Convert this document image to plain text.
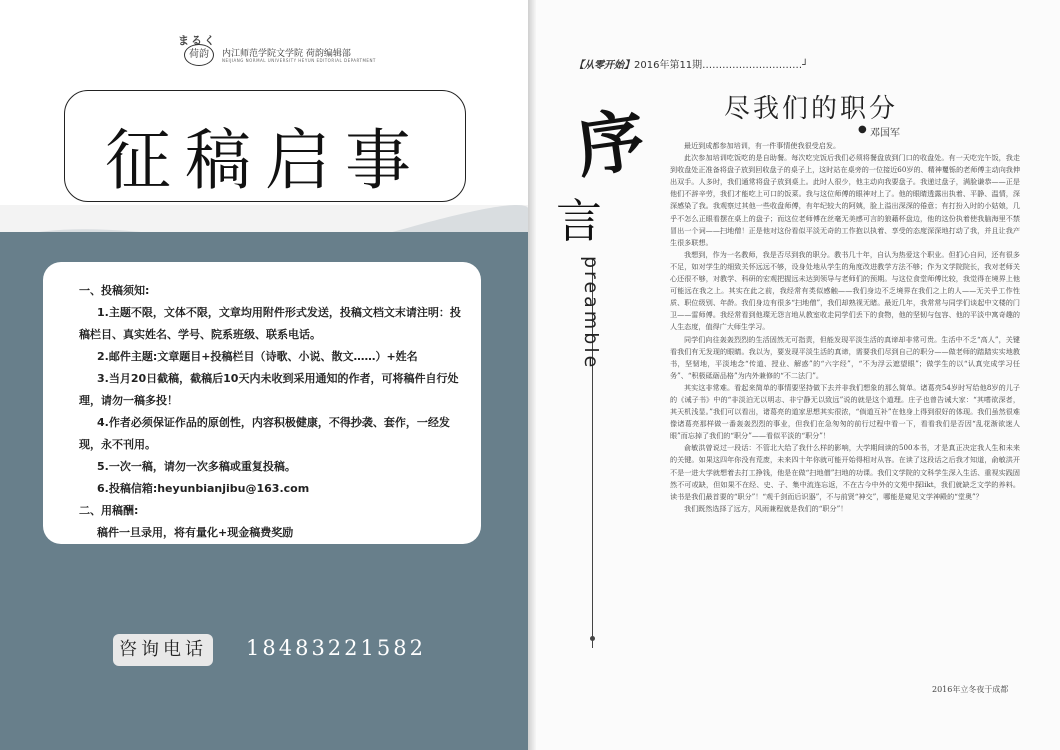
まるく
荷韵	内江师范学院文学院 荷韵编辑部
NEIJIANG NORMAL UNIVERSITY HEYUN EDITORIAL DEPARTMENT
征稿启事
一、投稿须知:
1.主题不限，文体不限，文章均用附件形式发送，投稿文档文末请注明：投稿栏目、真实姓名、学号、院系班级、联系电话。
2.邮件主题:文章题目+投稿栏目（诗歌、小说、散文……）+姓名
3.当月20日截稿，截稿后10天内未收到采用通知的作者，可将稿件自行处理，请勿一稿多投！
4.作者必须保证作品的原创性，内容积极健康，不得抄袭、套作，一经发现，永不刊用。
5.一次一稿，请勿一次多稿或重复投稿。
6.投稿信箱:heyunbianjibu@163.com
二、用稿酬:
稿件一旦录用，将有量化+现金稿费奖励
咨询电话 18483221582
【从零开始】2016年第11期…………………………┘
序
言
preamble
尽我们的职分
● 邓国军

最近到成都参加培训，有一件事情使我很受启发。

此次参加培训吃饭吃的是自助餐。每次吃完饭后我们必须将餐盘放到门口的收盘处。有一天吃完午饭，我走到收盘处正准备将盘子放到回收盘子的桌子上，这时站在桌旁的一位接近60岁的、精神矍铄的老师傅主动向我伸出双手。人多时，我们通常将盘子放到桌上。此时人很少，他主动向我要盘子。我递过盘子，满脸谦恭——正是他们不辞辛劳，我们才能吃上可口的饭菜。我与这位师傅的眼神对上了。他的眼睛透露出执着、平静、温情，深深感染了我。我观察过其他一些收盘师傅，有年纪较大的阿姨，脸上溢出深深的倦意；有打扮入时的小姑娘，几乎不怎么正眼看摆在桌上的盘子；而这位老师傅在丝毫无美感可言的狼藉杯盘边，他的这份执着使我脑海里不禁冒出一个词——扫地僧！正是他对这份看似平淡无奇的工作抱以执着、享受的态度深深地打动了我，并且让我产生很多联想。

我想到，作为一名教师，我是否尽到我的职分。教书几十年，自认为热爱这个职业。但扪心自问，还有很多不足，如对学生的细致关怀远远不够，设身处地从学生的角度改进教学方法不够；作为文学院院长，我对老师关心还很不够，对教学、科研的宏观把握远未达到领导与老师们的预期。与这位食堂师傅比较，我觉得在境界上他可能远在我之上。其实在此之前，我经常有类似感触——我们身边不乏境界在我们之上的人——无关乎工作性质、职位级别、年龄。我们身边有很多“扫地僧”，我们却熟视无睹。最近几年，我常常与同学们谈起中文楼的门卫——雷师傅。我经常看到他璨无怨言地从教室收走同学们丢下的食物，他的坚韧与包容、他的平淡中寓奇趣的人生态度，值得广大师生学习。

同学们向往轰轰烈烈的生活固然无可指责，但能发现平淡生活的真谛却非常可贵。生活中不乏“高人”，关键看我们有无发现的眼睛。我以为，要发现平淡生活的真谛，需要我们尽到自己的职分——做老师的踏踏实实地教书，坚韧地，平淡地念“传道、授业、解惑”的“六字经”，“不为浮云遮望眼”；做学生的以“认真完成学习任务”、“积极砥砺品格”为内外兼修的“不二法门”。

其实这非常难。看起来简单的事情要坚持做下去并非我们想象的那么简单。诸葛亮54岁时写给他8岁的儿子的《诫子书》中的“非淡泊无以明志、非宁静无以致远”说的就是这个道理。庄子也曾告诫大家：“其嗜欲深者，其天机浅显。”我们可以看出，诸葛亮的道家思想其实很浓，“倘道互补”在他身上得到很好的体现。我们虽然很难像诸葛亮那样做一番轰轰烈烈的事业，但我们在急匆匆的前行过程中看一下，看看我们是否因“乱花渐欲迷人眼”而忘掉了我们的“职分”——看似平淡的“职分”！

俞敏洪曾说过一段话：不管北大给了我什么样的影响，大学期间读的500本书，才是真正决定我人生和未来的关键。如果这四年你没有荒废，未来四十年你就可能开始得相对从容。在读了这段话之后我才知道，俞敏洪开不是一进大学就想着去打工挣钱，他是在做“扫地僧”扫地的功课。我们文学院的文科学生深入生活、重视实践固然不可或缺，但如果不在经、史、子、集中流连忘返，不在古今中外的文苑中探likt，我们就缺乏文学的养料。读书是我们最首要的“职分”！“观千剑而后识器”，不与前贤“神交”，哪能是窥见文学神殿的“堂奥”？

我们既然选择了远方，风雨兼程就是我们的“职分”！

2016年立冬夜于成都
